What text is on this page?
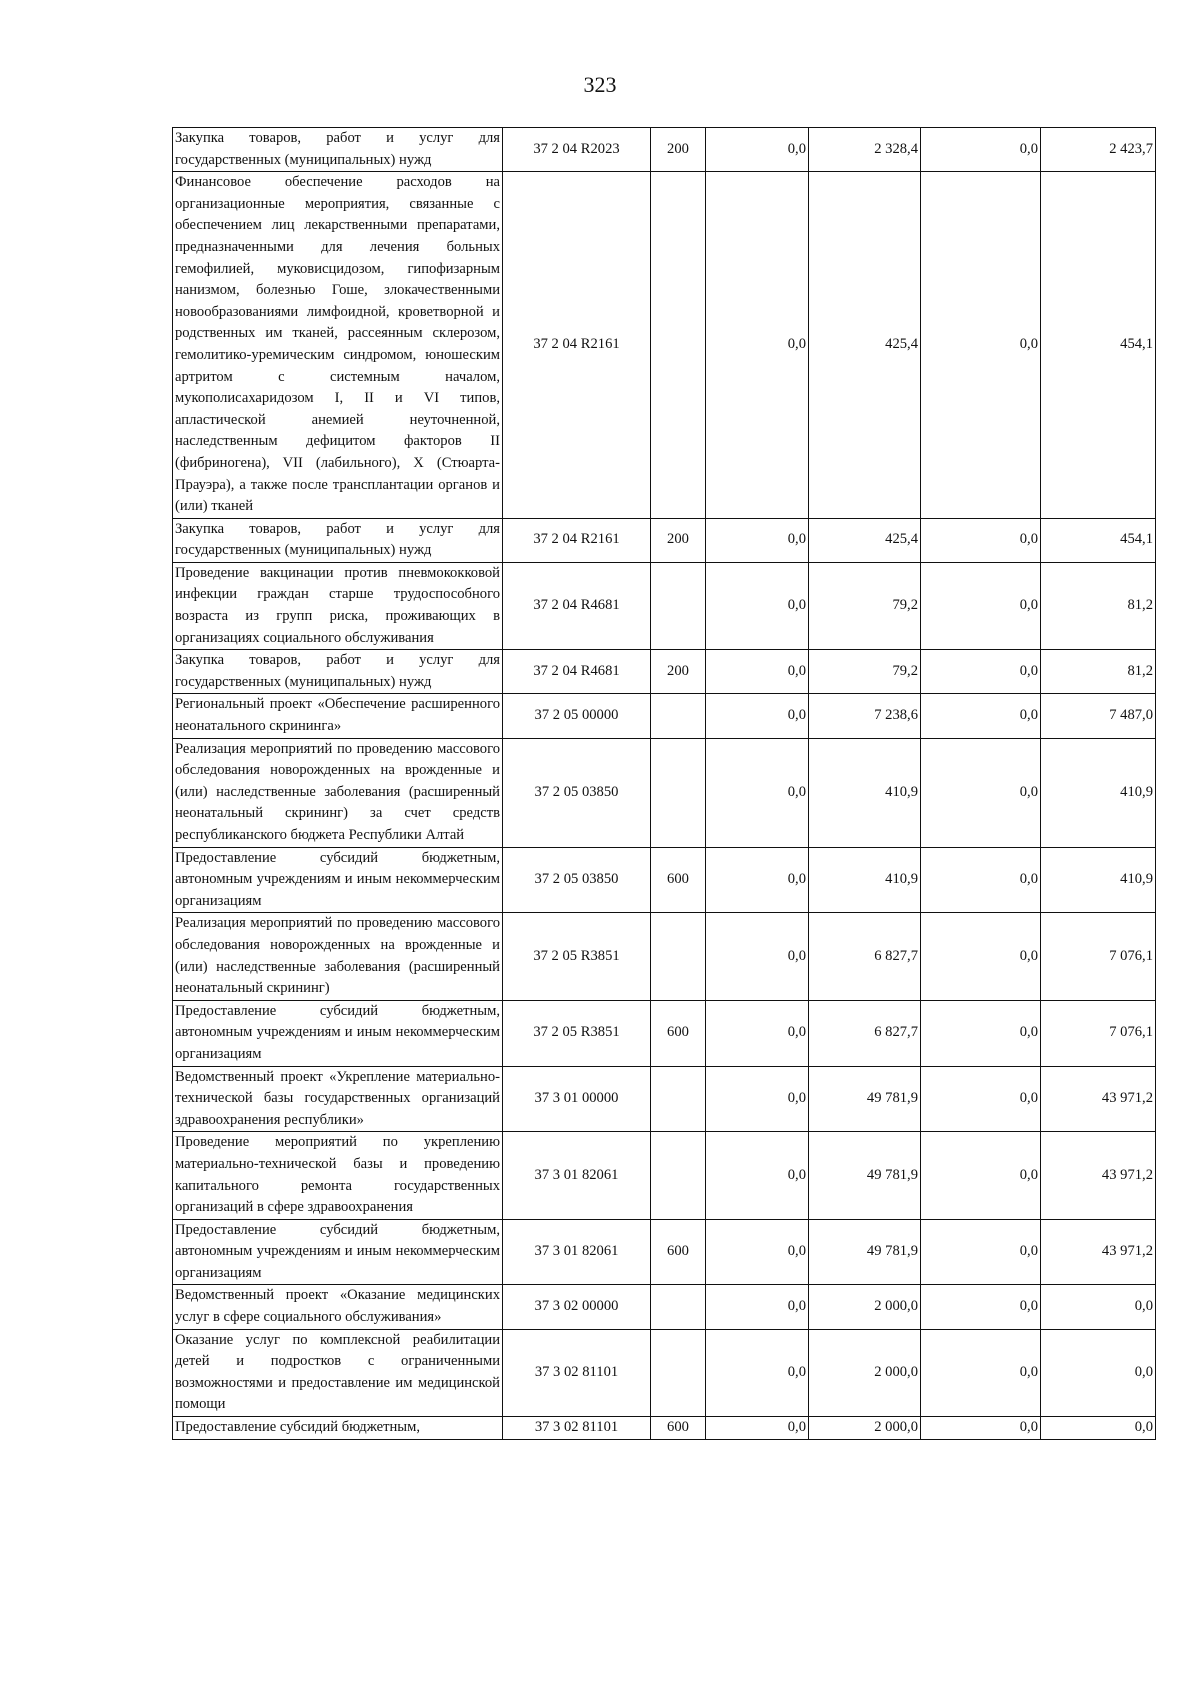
323
Закупка товаров, работ и услуг для государственных (муниципальных) нужд	37 2 04 R2023	200	0,0	2 328,4	0,0	2 423,7
Финансовое обеспечение расходов на организационные мероприятия, связанные с обеспечением лиц лекарственными препаратами, предназначенными для лечения больных гемофилией, муковисцидозом, гипофизарным нанизмом, болезнью Гоше, злокачественными новообразованиями лимфоидной, кроветворной и родственных им тканей, рассеянным склерозом, гемолитико-уремическим синдромом, юношеским артритом с системным началом, мукополисахаридозом I, II и VI типов, апластической анемией неуточненной, наследственным дефицитом факторов II (фибриногена), VII (лабильного), X (Стюарта-Прауэра), а также после трансплантации органов и (или) тканей	37 2 04 R2161		0,0	425,4	0,0	454,1
Закупка товаров, работ и услуг для государственных (муниципальных) нужд	37 2 04 R2161	200	0,0	425,4	0,0	454,1
Проведение вакцинации против пневмококковой инфекции граждан старше трудоспособного возраста из групп риска, проживающих в организациях социального обслуживания	37 2 04 R4681		0,0	79,2	0,0	81,2
Закупка товаров, работ и услуг для государственных (муниципальных) нужд	37 2 04 R4681	200	0,0	79,2	0,0	81,2
Региональный проект «Обеспечение расширенного неонатального скрининга»	37 2 05 00000		0,0	7 238,6	0,0	7 487,0
Реализация мероприятий по проведению массового обследования новорожденных на врожденные и (или) наследственные заболевания (расширенный неонатальный скрининг) за счет средств республиканского бюджета Республики Алтай	37 2 05 03850		0,0	410,9	0,0	410,9
Предоставление субсидий бюджетным, автономным учреждениям и иным некоммерческим организациям	37 2 05 03850	600	0,0	410,9	0,0	410,9
Реализация мероприятий по проведению массового обследования новорожденных на врожденные и (или) наследственные заболевания (расширенный неонатальный скрининг)	37 2 05 R3851		0,0	6 827,7	0,0	7 076,1
Предоставление субсидий бюджетным, автономным учреждениям и иным некоммерческим организациям	37 2 05 R3851	600	0,0	6 827,7	0,0	7 076,1
Ведомственный проект «Укрепление материально-технической базы государственных организаций здравоохранения республики»	37 3 01 00000		0,0	49 781,9	0,0	43 971,2
Проведение мероприятий по укреплению материально-технической базы и проведению капитального ремонта государственных организаций в сфере здравоохранения	37 3 01 82061		0,0	49 781,9	0,0	43 971,2
Предоставление субсидий бюджетным, автономным учреждениям и иным некоммерческим организациям	37 3 01 82061	600	0,0	49 781,9	0,0	43 971,2
Ведомственный проект «Оказание медицинских услуг в сфере социального обслуживания»	37 3 02 00000		0,0	2 000,0	0,0	0,0
Оказание услуг по комплексной реабилитации детей и подростков с ограниченными возможностями и предоставление им медицинской помощи	37 3 02 81101		0,0	2 000,0	0,0	0,0
Предоставление субсидий бюджетным,	37 3 02 81101	600	0,0	2 000,0	0,0	0,0
